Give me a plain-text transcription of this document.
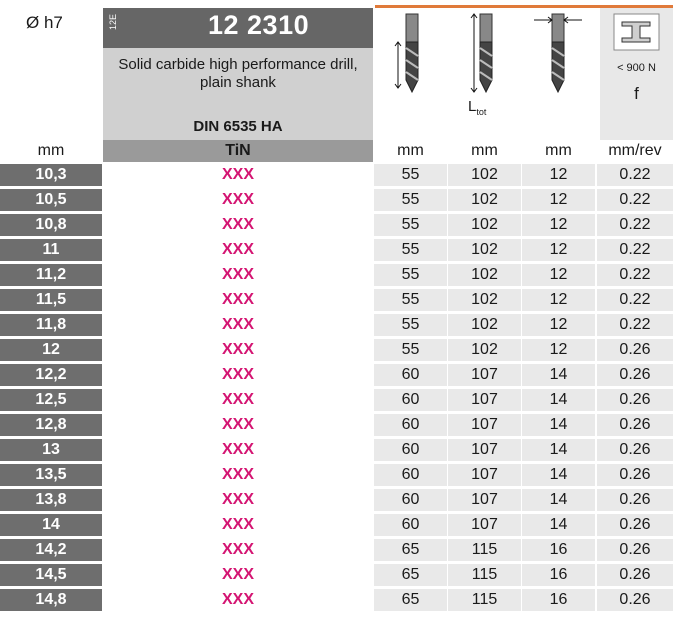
Ø h7	12E	12 2310
Solid carbide high performance drill,
plain shank
DIN 6535 HA
$L_{tot}$
< 900 N
f
mm	TiN	mm	mm	mm	mm/rev
10,3	XXX	55	102	12	0.22
10,5	XXX	55	102	12	0.22
10,8	XXX	55	102	12	0.22
11	XXX	55	102	12	0.22
11,2	XXX	55	102	12	0.22
11,5	XXX	55	102	12	0.22
11,8	XXX	55	102	12	0.22
12	XXX	55	102	12	0.26
12,2	XXX	60	107	14	0.26
12,5	XXX	60	107	14	0.26
12,8	XXX	60	107	14	0.26
13	XXX	60	107	14	0.26
13,5	XXX	60	107	14	0.26
13,8	XXX	60	107	14	0.26
14	XXX	60	107	14	0.26
14,2	XXX	65	115	16	0.26
14,5	XXX	65	115	16	0.26
14,8	XXX	65	115	16	0.26
